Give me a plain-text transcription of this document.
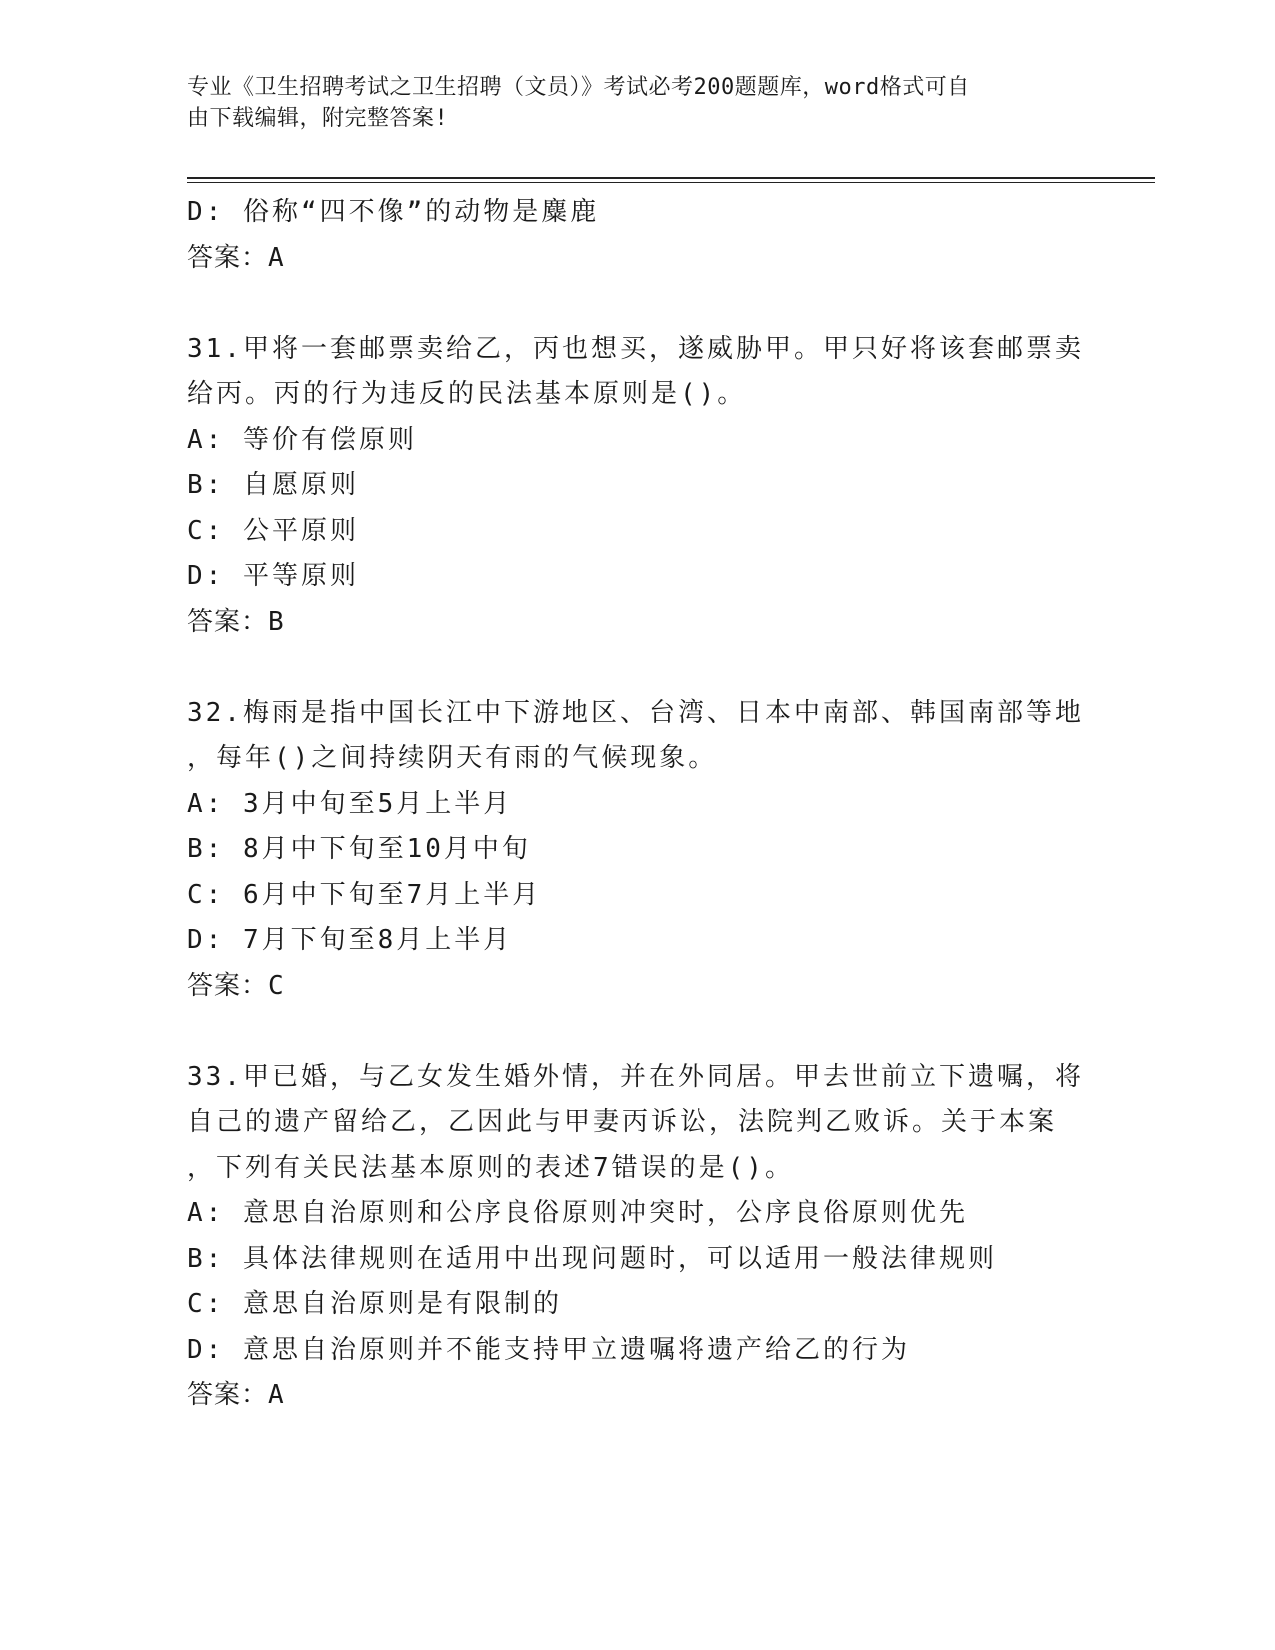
专业《卫生招聘考试之卫生招聘（文员）》考试必考200题题库，word格式可自
由下载编辑，附完整答案!
D: 俗称“四不像”的动物是麋鹿
答案：A
31.甲将一套邮票卖给乙，丙也想买，遂威胁甲。甲只好将该套邮票卖
给丙。丙的行为违反的民法基本原则是()。
A: 等价有偿原则
B: 自愿原则
C: 公平原则
D: 平等原则
答案：B
32.梅雨是指中国长江中下游地区、台湾、日本中南部、韩国南部等地
，每年()之间持续阴天有雨的气候现象。
A: 3月中旬至5月上半月
B: 8月中下旬至10月中旬
C: 6月中下旬至7月上半月
D: 7月下旬至8月上半月
答案：C
33.甲已婚，与乙女发生婚外情，并在外同居。甲去世前立下遗嘱，将
自己的遗产留给乙，乙因此与甲妻丙诉讼，法院判乙败诉。关于本案
，下列有关民法基本原则的表述7错误的是()。
A: 意思自治原则和公序良俗原则冲突时，公序良俗原则优先
B: 具体法律规则在适用中出现问题时，可以适用一般法律规则
C: 意思自治原则是有限制的
D: 意思自治原则并不能支持甲立遗嘱将遗产给乙的行为
答案：A
